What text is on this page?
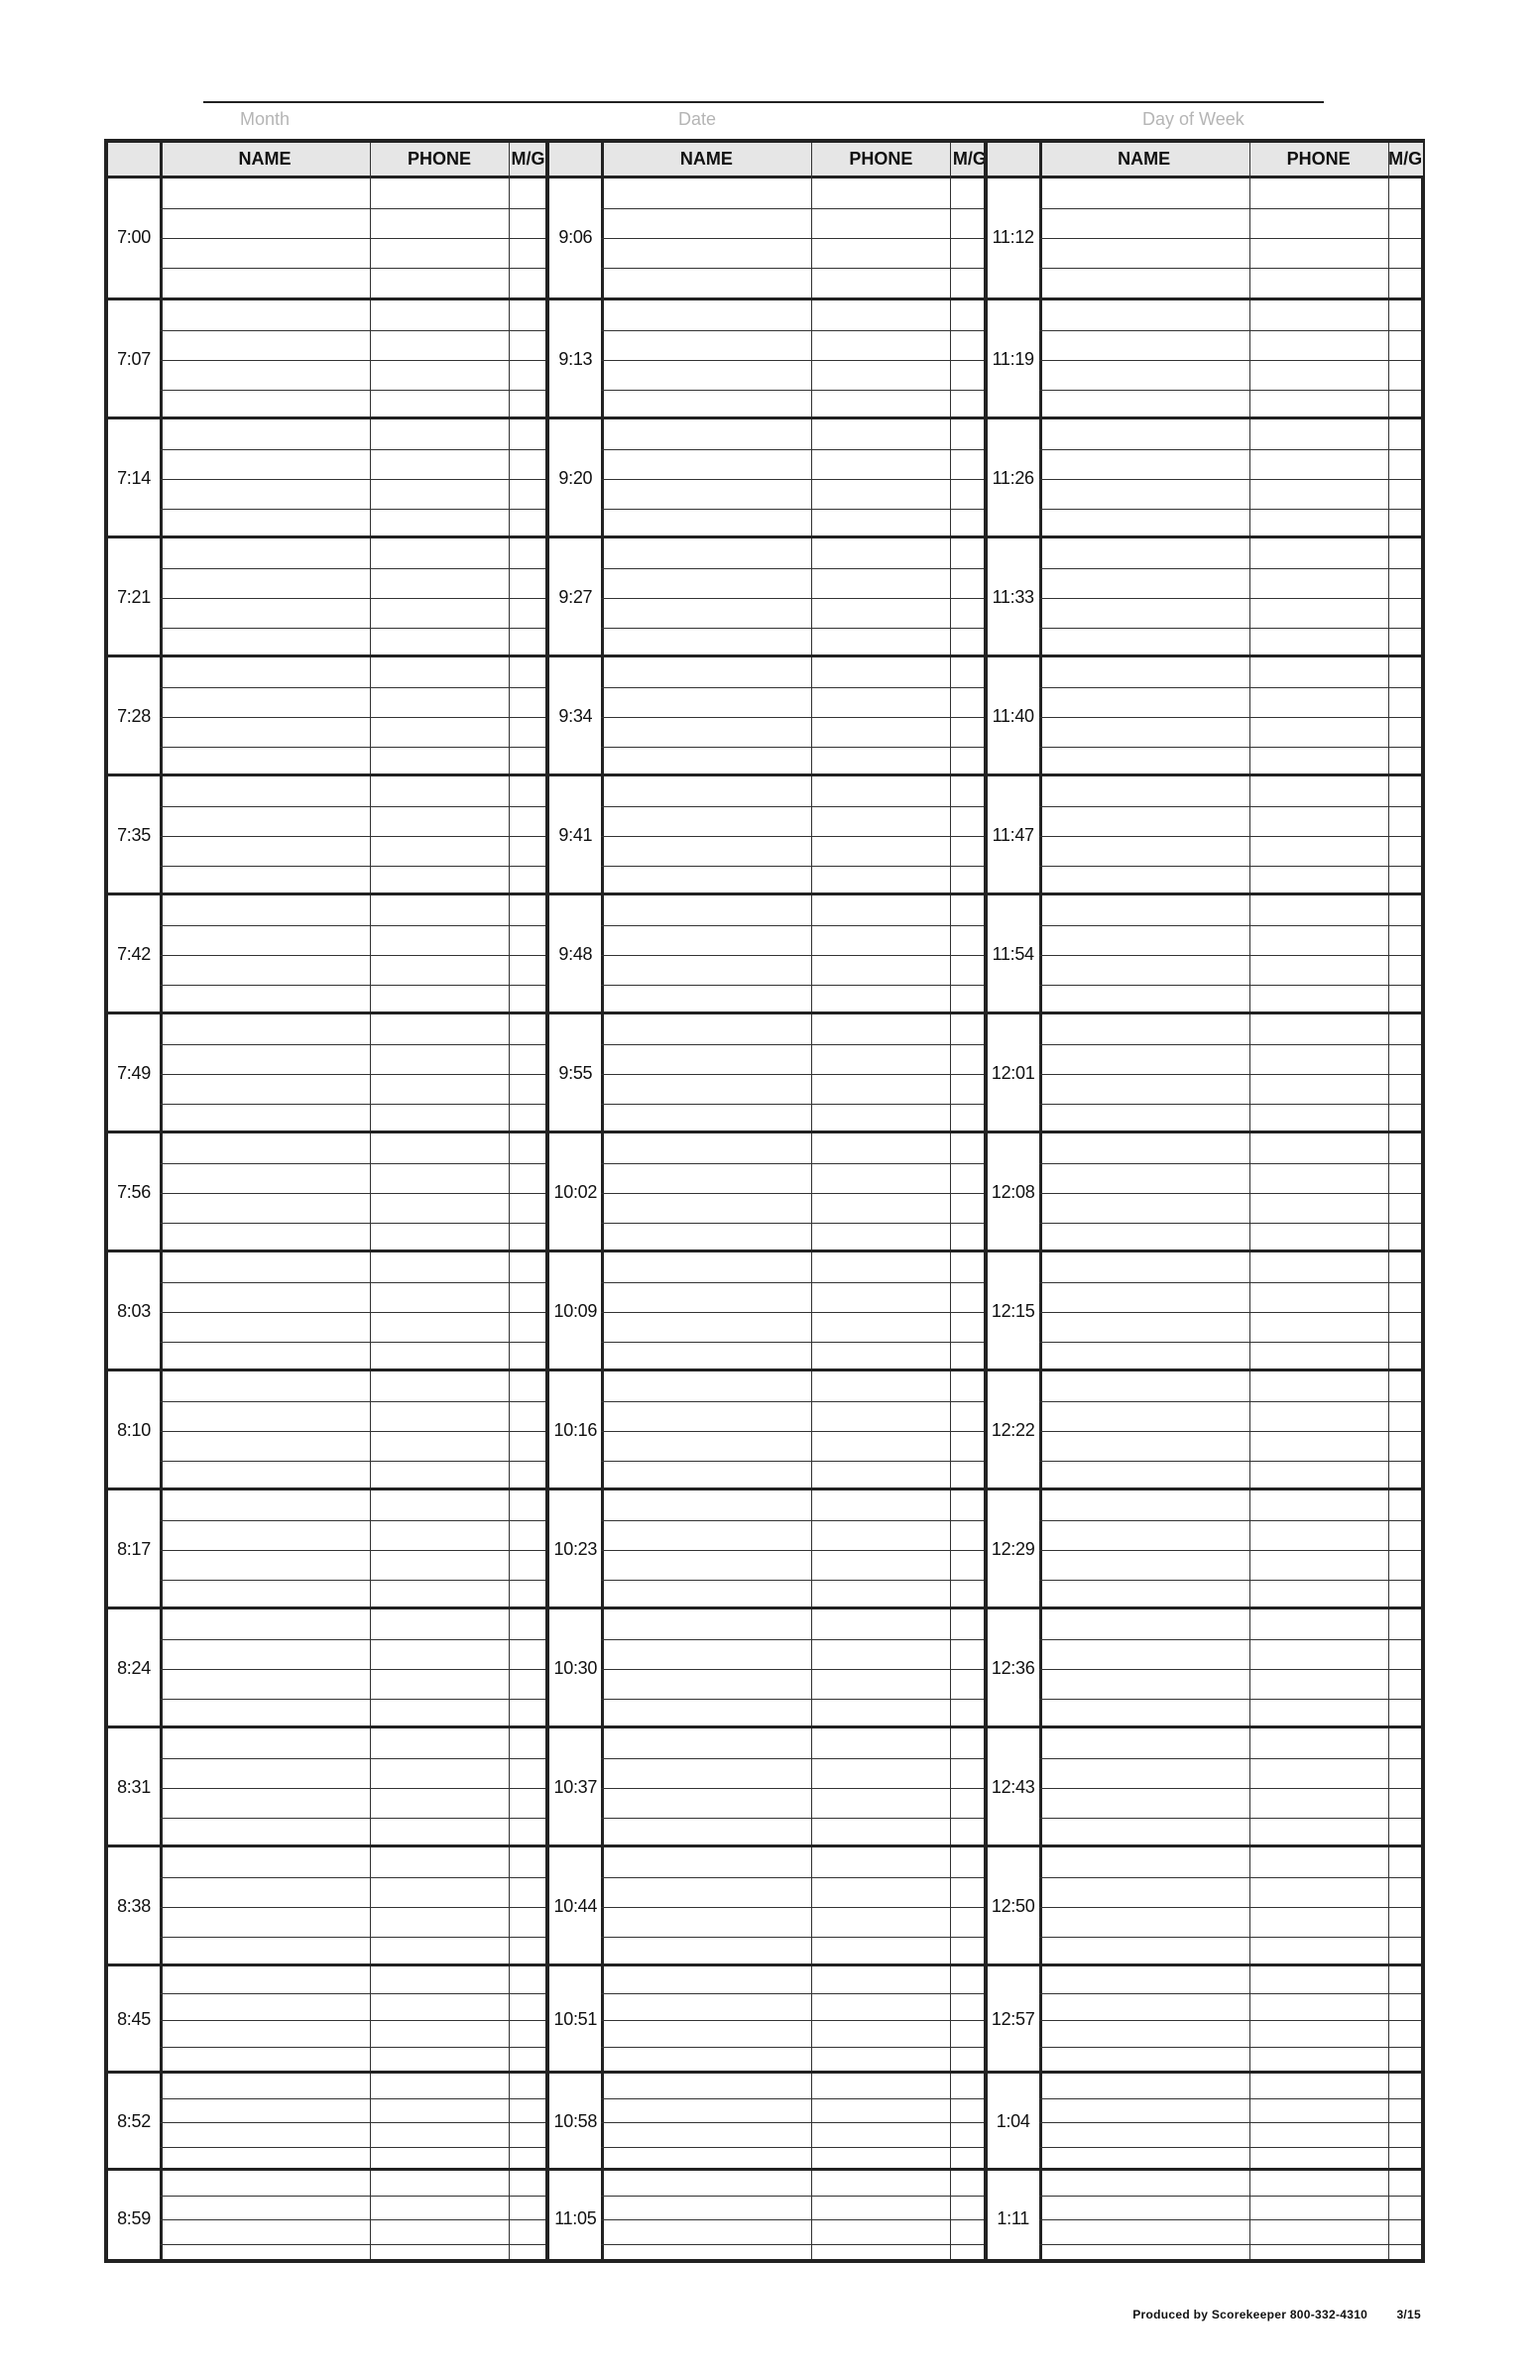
Month	Date	Day of Week
NAME	PHONE	M/G
7:00
7:07
7:14
7:21
7:28
7:35
7:42
7:49
7:56
8:03
8:10
8:17
8:24
8:31
8:38
8:45
8:52
8:59
NAME	PHONE	M/G
9:06
9:13
9:20
9:27
9:34
9:41
9:48
9:55
10:02
10:09
10:16
10:23
10:30
10:37
10:44
10:51
10:58
11:05
NAME	PHONE	M/G
11:12
11:19
11:26
11:33
11:40
11:47
11:54
12:01
12:08
12:15
12:22
12:29
12:36
12:43
12:50
12:57
1:04
1:11
Produced by Scorekeeper 800-332-4310 3/15
